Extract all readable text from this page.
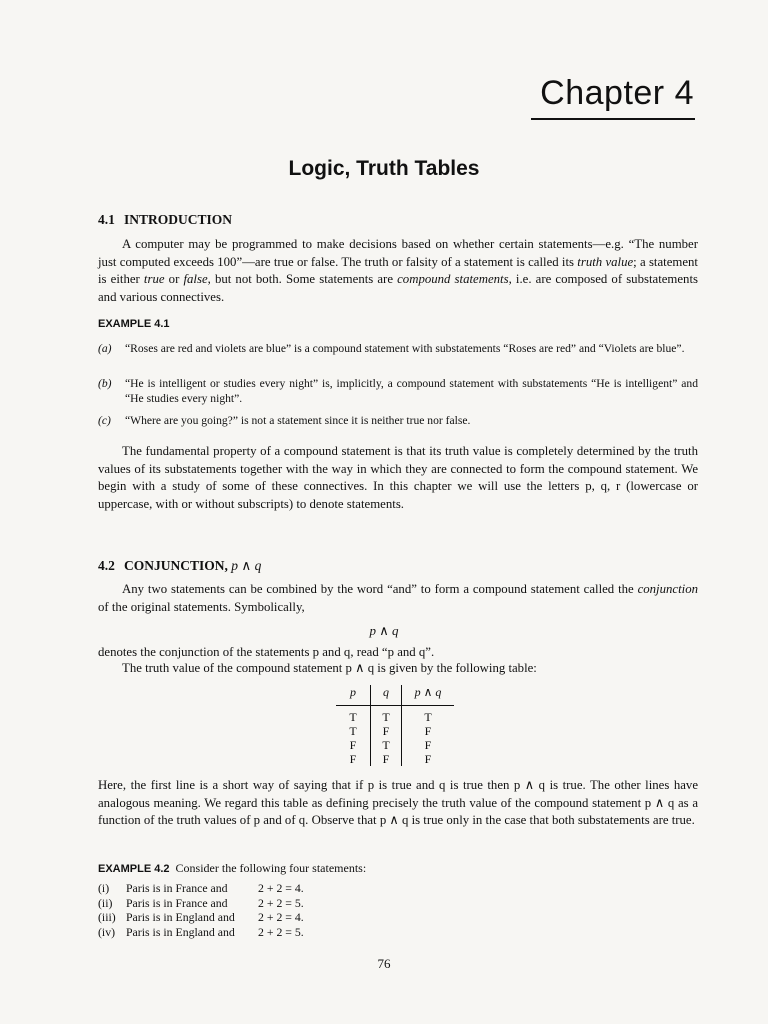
Chapter 4
Logic, Truth Tables
4.1 INTRODUCTION

A computer may be programmed to make decisions based on whether certain statements—e.g. “The number just computed exceeds 100”—are true or false. The truth or falsity of a statement is called its truth value; a statement is either true or false, but not both. Some statements are compound statements, i.e. are composed of substatements and various connectives.

EXAMPLE 4.1
(a)	“Roses are red and violets are blue” is a compound statement with substatements “Roses are red” and “Violets are blue”.
(b)	“He is intelligent or studies every night” is, implicitly, a compound statement with substatements “He is intelligent” and “He studies every night”.
(c)	“Where are you going?” is not a statement since it is neither true nor false.

The fundamental property of a compound statement is that its truth value is completely determined by the truth values of its substatements together with the way in which they are connected to form the compound statement. We begin with a study of some of these connectives. In this chapter we will use the letters p, q, r (lowercase or uppercase, with or without subscripts) to denote statements.

4.2 CONJUNCTION, p ∧ q

Any two statements can be combined by the word “and” to form a compound statement called the conjunction of the original statements. Symbolically,

p ∧ q

denotes the conjunction of the statements p and q, read “p and q”.

The truth value of the compound statement p ∧ q is given by the following table:

p	q	p ∧ q
T	T	T
T	F	F
F	T	F
F	F	F

Here, the first line is a short way of saying that if p is true and q is true then p ∧ q is true. The other lines have analogous meaning. We regard this table as defining precisely the truth value of the compound statement p ∧ q as a function of the truth values of p and of q. Observe that p ∧ q is true only in the case that both substatements are true.

EXAMPLE 4.2 Consider the following four statements:
(i)	Paris is in France and	2 + 2 = 4.
(ii)	Paris is in France and	2 + 2 = 5.
(iii) Paris is in England and	2 + 2 = 4.
(iv) Paris is in England and	2 + 2 = 5.
76
